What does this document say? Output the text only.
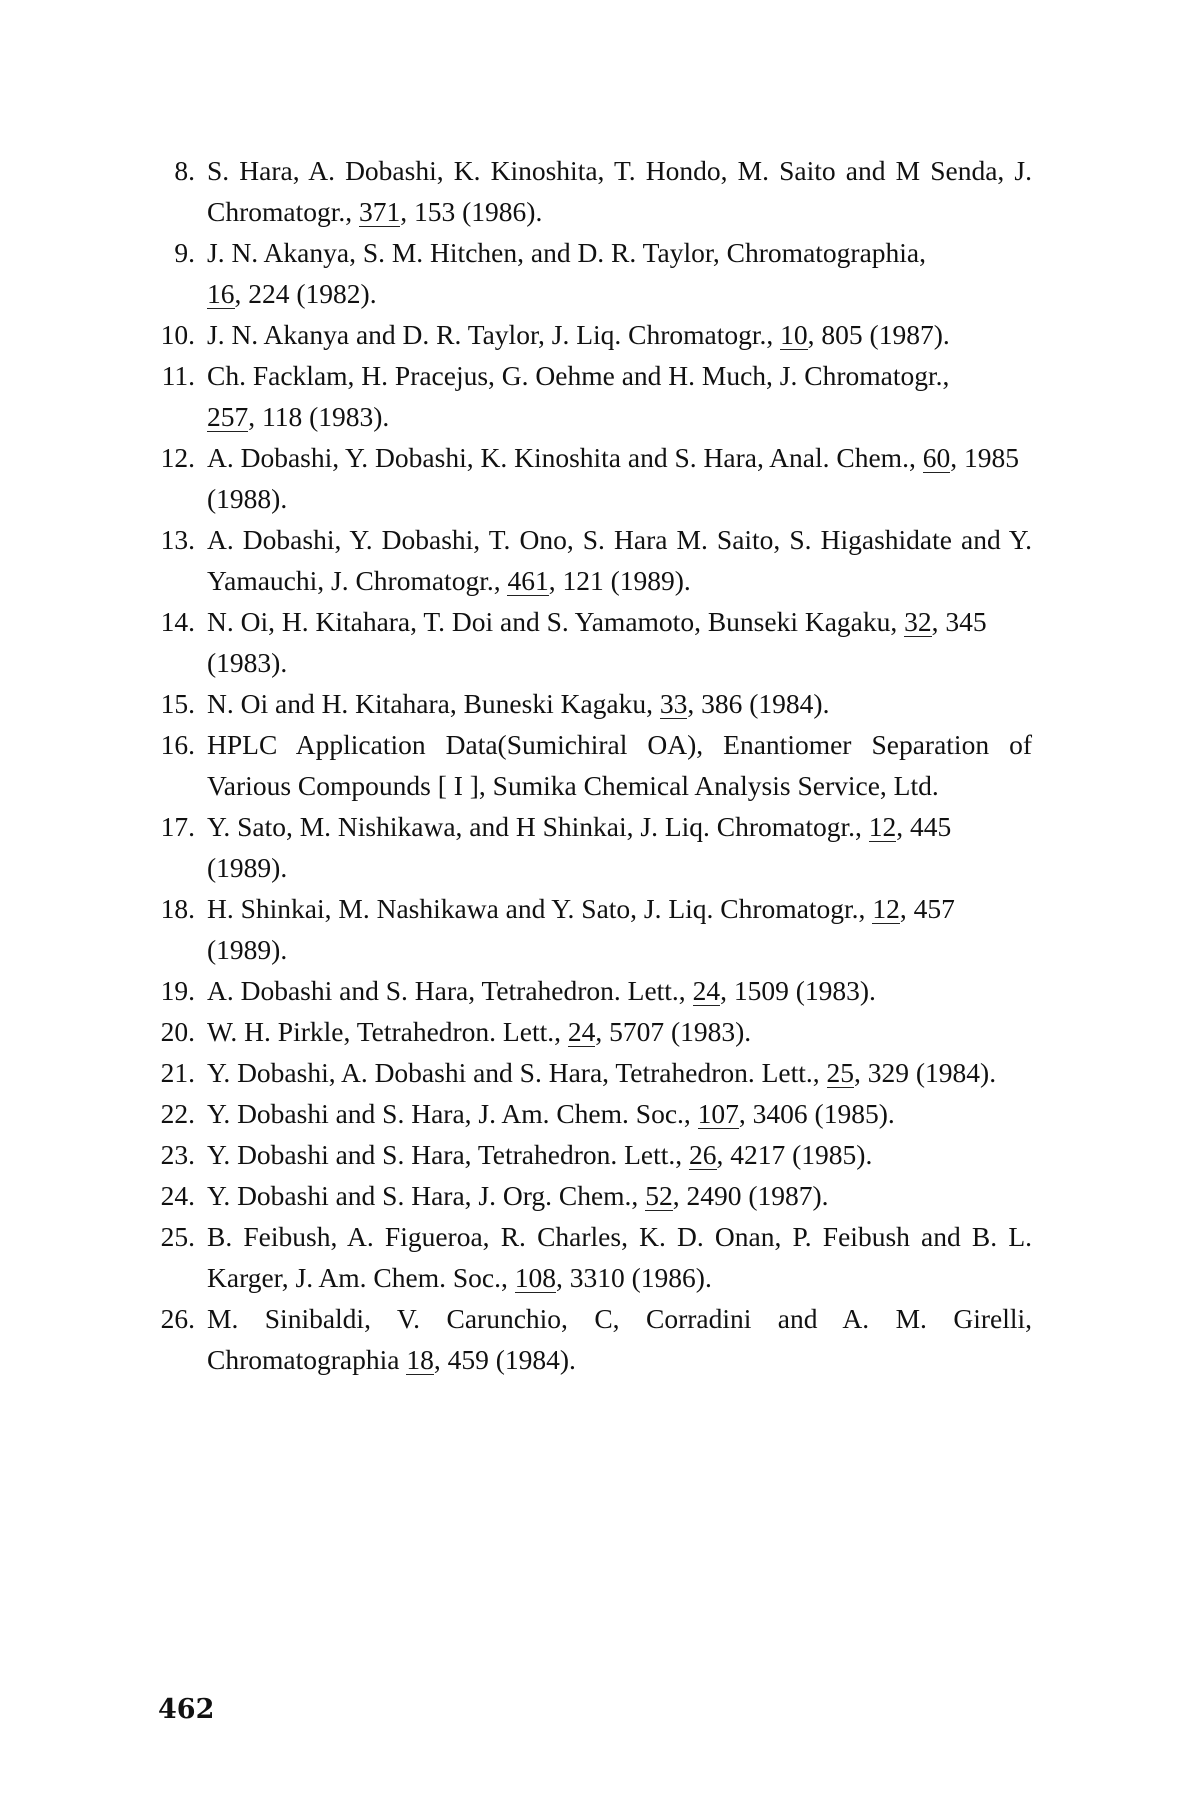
8. S. Hara, A. Dobashi, K. Kinoshita, T. Hondo, M. Saito and M Senda, J. Chromatogr., 371, 153 (1986).
9. J. N. Akanya, S. M. Hitchen, and D. R. Taylor, Chromatographia,
16, 224 (1982).
10. J. N. Akanya and D. R. Taylor, J. Liq. Chromatogr., 10, 805 (1987).
11. Ch. Facklam, H. Pracejus, G. Oehme and H. Much, J. Chromatogr.,
257, 118 (1983).
12. A. Dobashi, Y. Dobashi, K. Kinoshita and S. Hara, Anal. Chem., 60, 1985 (1988).
13. A. Dobashi, Y. Dobashi, T. Ono, S. Hara M. Saito, S. Higashidate and Y. Yamauchi, J. Chromatogr., 461, 121 (1989).
14. N. Oi, H. Kitahara, T. Doi and S. Yamamoto, Bunseki Kagaku, 32, 345 (1983).
15. N. Oi and H. Kitahara, Buneski Kagaku, 33, 386 (1984).
16. HPLC Application Data(Sumichiral OA), Enantiomer Separation of Various Compounds [ I ], Sumika Chemical Analysis Service, Ltd.
17. Y. Sato, M. Nishikawa, and H Shinkai, J. Liq. Chromatogr., 12, 445 (1989).
18. H. Shinkai, M. Nashikawa and Y. Sato, J. Liq. Chromatogr., 12, 457 (1989).
19. A. Dobashi and S. Hara, Tetrahedron. Lett., 24, 1509 (1983).
20. W. H. Pirkle, Tetrahedron. Lett., 24, 5707 (1983).
21. Y. Dobashi, A. Dobashi and S. Hara, Tetrahedron. Lett., 25, 329 (1984).
22. Y. Dobashi and S. Hara, J. Am. Chem. Soc., 107, 3406 (1985).
23. Y. Dobashi and S. Hara, Tetrahedron. Lett., 26, 4217 (1985).
24. Y. Dobashi and S. Hara, J. Org. Chem., 52, 2490 (1987).
25. B. Feibush, A. Figueroa, R. Charles, K. D. Onan, P. Feibush and B. L. Karger, J. Am. Chem. Soc., 108, 3310 (1986).
26. M. Sinibaldi, V. Carunchio, C, Corradini and A. M. Girelli, Chromatographia 18, 459 (1984).
462
